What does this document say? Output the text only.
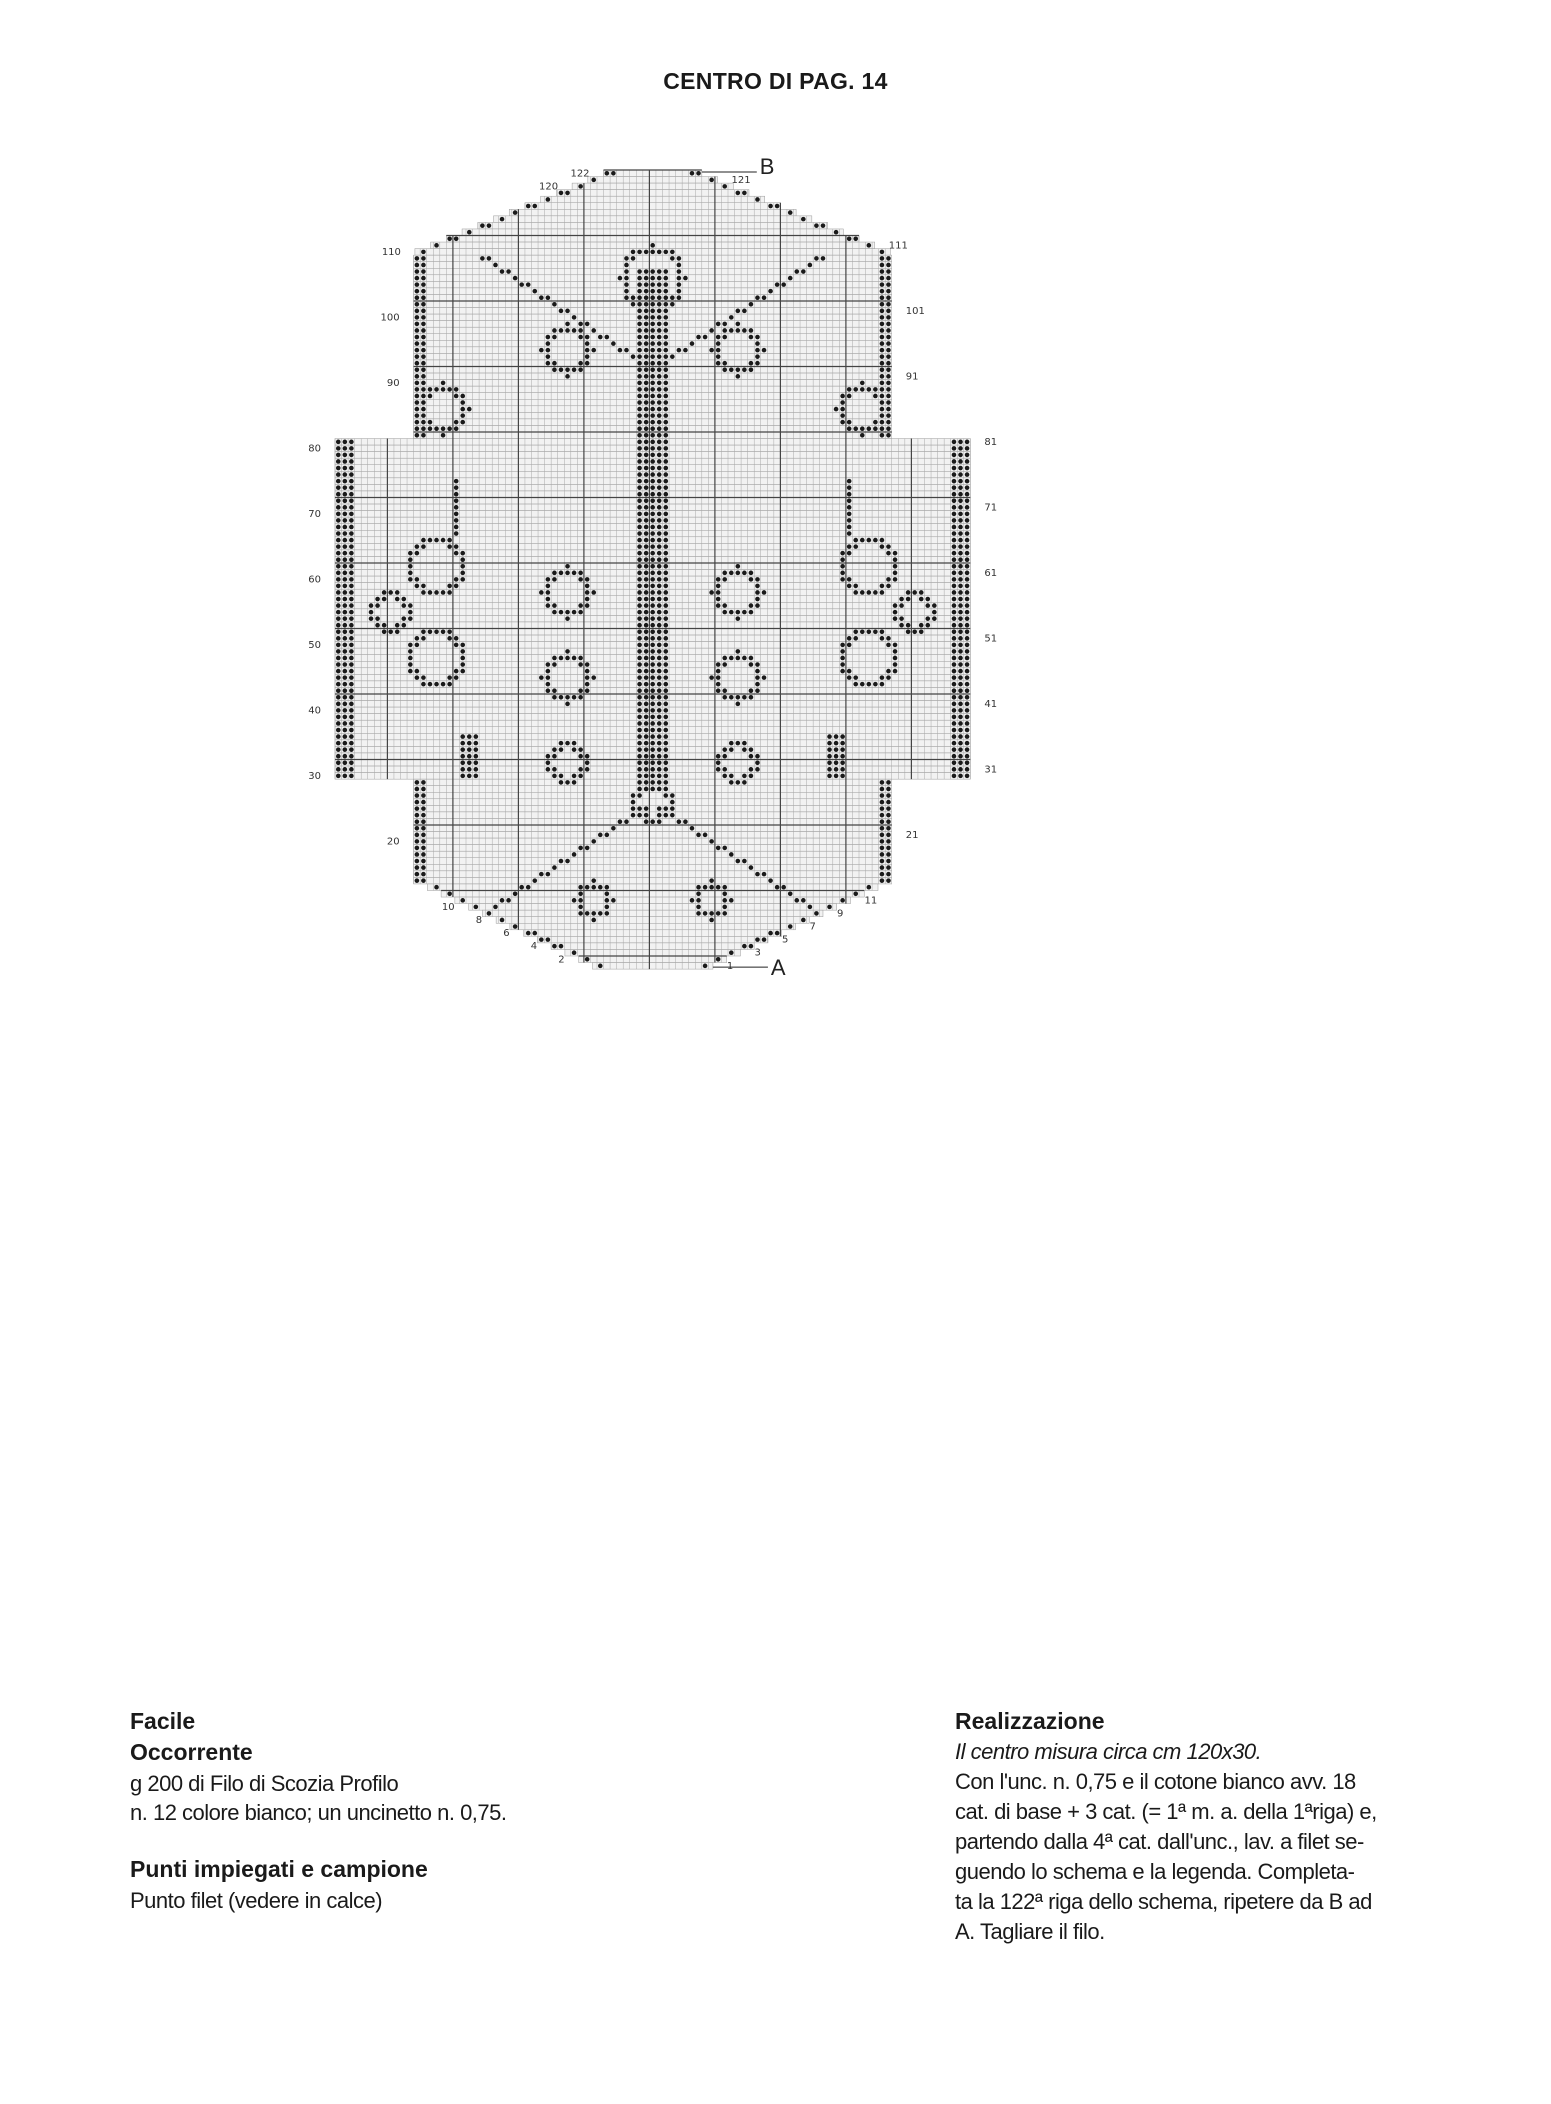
CENTRO DI PAG. 14
2
4
6
8
10
20
30
40
50
60
70
80
90
100
110
120
122
1
3
5
7
9
11
21
31
41
51
61
71
81
91
101
111
121
B
A
Facile
Occorrente
g 200 di Filo di Scozia Profilo
n. 12 colore bianco; un uncinetto n. 0,75.
Punti impiegati e campione
Punto filet (vedere in calce)
Realizzazione
Il centro misura circa cm 120x30.
Con l'unc. n. 0,75 e il cotone bianco avv. 18
cat. di base + 3 cat. (= 1ª m. a. della 1ªriga) e,
partendo dalla 4ª cat. dall'unc., lav. a filet se-
guendo lo schema e la legenda. Completa-
ta la 122ª riga dello schema, ripetere da B ad
A. Tagliare il filo.
